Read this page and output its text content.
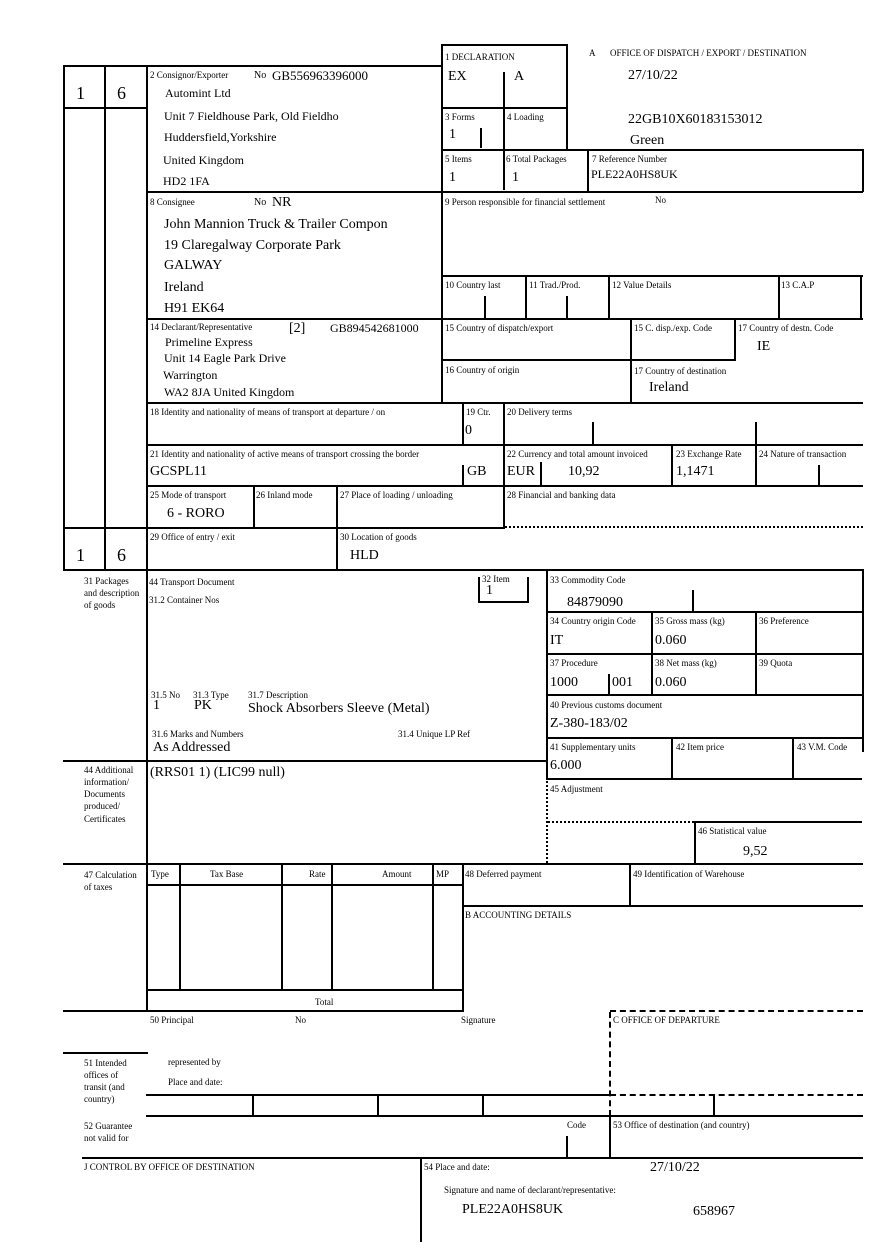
1 6
1 6
1 DECLARATION
EX	A
A OFFICE OF DISPATCH / EXPORT / DESTINATION
27/10/22
22GB10X60183153012
Green
2 Consignor/Exporter	No GB556963396000
Automint Ltd
Unit 7 Fieldhouse Park, Old Fieldho
Huddersfield,Yorkshire
United Kingdom
HD2 1FA
3 Forms
1
4 Loading
5 Items
1
6 Total Packages
1
7 Reference Number
PLE22A0HS8UK
8 Consignee	No NR
John Mannion Truck & Trailer Compon
19 Claregalway Corporate Park
GALWAY
Ireland
H91 EK64
9 Person responsible for financial settlement	No
10 Country last	11 Trad./Prod.	12 Value Details	13 C.A.P
14 Declarant/Representative	[2] GB894542681000
Primeline Express
Unit 14 Eagle Park Drive
Warrington
WA2 8JA United Kingdom
15 Country of dispatch/export	15 C. disp./exp. Code	17 Country of destn. Code
IE
16 Country of origin	17 Country of destination
Ireland
18 Identity and nationality of means of transport at departure / on	19 Ctr.
0
20 Delivery terms
21 Identity and nationality of active means of transport crossing the border
GCSPL11	GB
22 Currency and total amount invoiced
EUR 10,92
23 Exchange Rate
1,1471
24 Nature of transaction
25 Mode of transport
6 - RORO
26 Inland mode	27 Place of loading / unloading	28 Financial and banking data
29 Office of entry / exit	30 Location of goods
HLD
31 Packages and description of goods
44 Transport Document
31.2 Container Nos
31.5 No
1
31.3 Type
PK
31.7 Description
Shock Absorbers Sleeve (Metal)
31.6 Marks and Numbers
As Addressed
31.4 Unique LP Ref
32 Item
1
33 Commodity Code
84879090
34 Country origin Code
IT
35 Gross mass (kg)
0.060
36 Preference
37 Procedure
1000 001
38 Net mass (kg)
0.060
39 Quota
40 Previous customs document
Z-380-183/02
41 Supplementary units
6.000
42 Item price	43 V.M. Code
44 Additional information/ Documents produced/ Certificates
(RRS01 1) (LIC99 null)
45 Adjustment
46 Statistical value
9,52
47 Calculation of taxes
Type	Tax Base	Rate	Amount	MP
Total
48 Deferred payment	49 Identification of Warehouse
B ACCOUNTING DETAILS
50 Principal	No	Signature
represented by
Place and date:
C OFFICE OF DEPARTURE
51 Intended offices of transit (and country)
52 Guarantee not valid for
Code	53 Office of destination (and country)
J CONTROL BY OFFICE OF DESTINATION	54 Place and date:	27/10/22
Signature and name of declarant/representative:
PLE22A0HS8UK	658967
